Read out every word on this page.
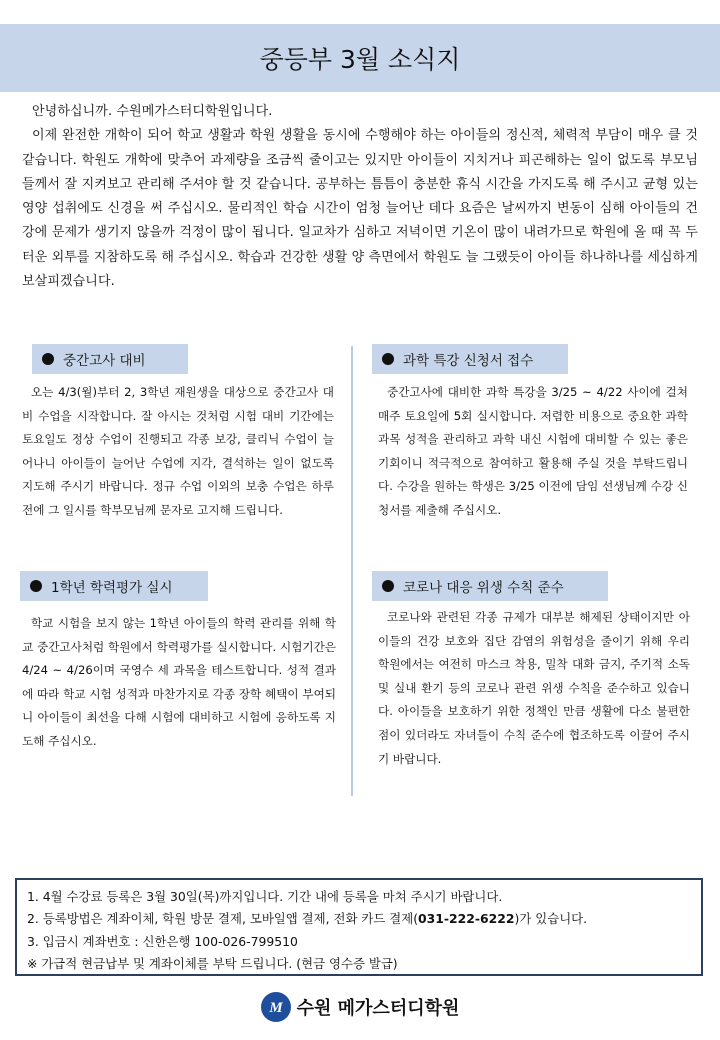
중등부 3월 소식지

안녕하십니까. 수원메가스터디학원입니다.

이제 완전한 개학이 되어 학교 생활과 학원 생활을 동시에 수행해야 하는 아이들의 정신적, 체력적 부담이 매우 클 것 같습니다. 학원도 개학에 맞추어 과제량을 조금씩 줄이고는 있지만 아이들이 지치거나 피곤해하는 일이 없도록 부모님들께서 잘 지켜보고 관리해 주셔야 할 것 같습니다. 공부하는 틈틈이 충분한 휴식 시간을 가지도록 해 주시고 균형 있는 영양 섭취에도 신경을 써 주십시오. 물리적인 학습 시간이 엄청 늘어난 데다 요즘은 날씨까지 변동이 심해 아이들의 건강에 문제가 생기지 않을까 걱정이 많이 됩니다. 일교차가 심하고 저녁이면 기온이 많이 내려가므로 학원에 올 때 꼭 두터운 외투를 지참하도록 해 주십시오. 학습과 건강한 생활 양 측면에서 학원도 늘 그랬듯이 아이들 하나하나를 세심하게 보살피겠습니다.

중간고사 대비

오는 4/3(월)부터 2, 3학년 재원생을 대상으로 중간고사 대비 수업을 시작합니다. 잘 아시는 것처럼 시험 대비 기간에는 토요일도 정상 수업이 진행되고 각종 보강, 클리닉 수업이 늘어나니 아이들이 늘어난 수업에 지각, 결석하는 일이 없도록 지도해 주시기 바랍니다. 정규 수업 이외의 보충 수업은 하루 전에 그 일시를 학부모님께 문자로 고지해 드립니다.

과학 특강 신청서 접수

중간고사에 대비한 과학 특강을 3/25 ~ 4/22 사이에 걸쳐 매주 토요일에 5회 실시합니다. 저렴한 비용으로 중요한 과학 과목 성적을 관리하고 과학 내신 시험에 대비할 수 있는 좋은 기회이니 적극적으로 참여하고 활용해 주실 것을 부탁드립니다. 수강을 원하는 학생은 3/25 이전에 담임 선생님께 수강 신청서를 제출해 주십시오.

1학년 학력평가 실시

학교 시험을 보지 않는 1학년 아이들의 학력 관리를 위해 학교 중간고사처럼 학원에서 학력평가를 실시합니다. 시험기간은 4/24 ~ 4/26이며 국영수 세 과목을 테스트합니다. 성적 결과에 따라 학교 시험 성적과 마찬가지로 각종 장학 혜택이 부여되니 아이들이 최선을 다해 시험에 대비하고 시험에 응하도록 지도해 주십시오.

코로나 대응 위생 수칙 준수

코로나와 관련된 각종 규제가 대부분 해제된 상태이지만 아이들의 건강 보호와 집단 감염의 위험성을 줄이기 위해 우리 학원에서는 여전히 마스크 착용, 밀착 대화 금지, 주기적 소독 및 실내 환기 등의 코로나 관련 위생 수칙을 준수하고 있습니다. 아이들을 보호하기 위한 정책인 만큼 생활에 다소 불편한 점이 있더라도 자녀들이 수칙 준수에 협조하도록 이끌어 주시기 바랍니다.

1. 4월 수강료 등록은 3월 30일(목)까지입니다. 기간 내에 등록을 마쳐 주시기 바랍니다.
2. 등록방법은 계좌이체, 학원 방문 결제, 모바일앱 결제, 전화 카드 결제(031-222-6222)가 있습니다.
3. 입금시 계좌번호 : 신한은행 100-026-799510
※ 가급적 현금납부 및 계좌이체를 부탁 드립니다. (현금 영수증 발급)
M 수원 메가스터디학원
